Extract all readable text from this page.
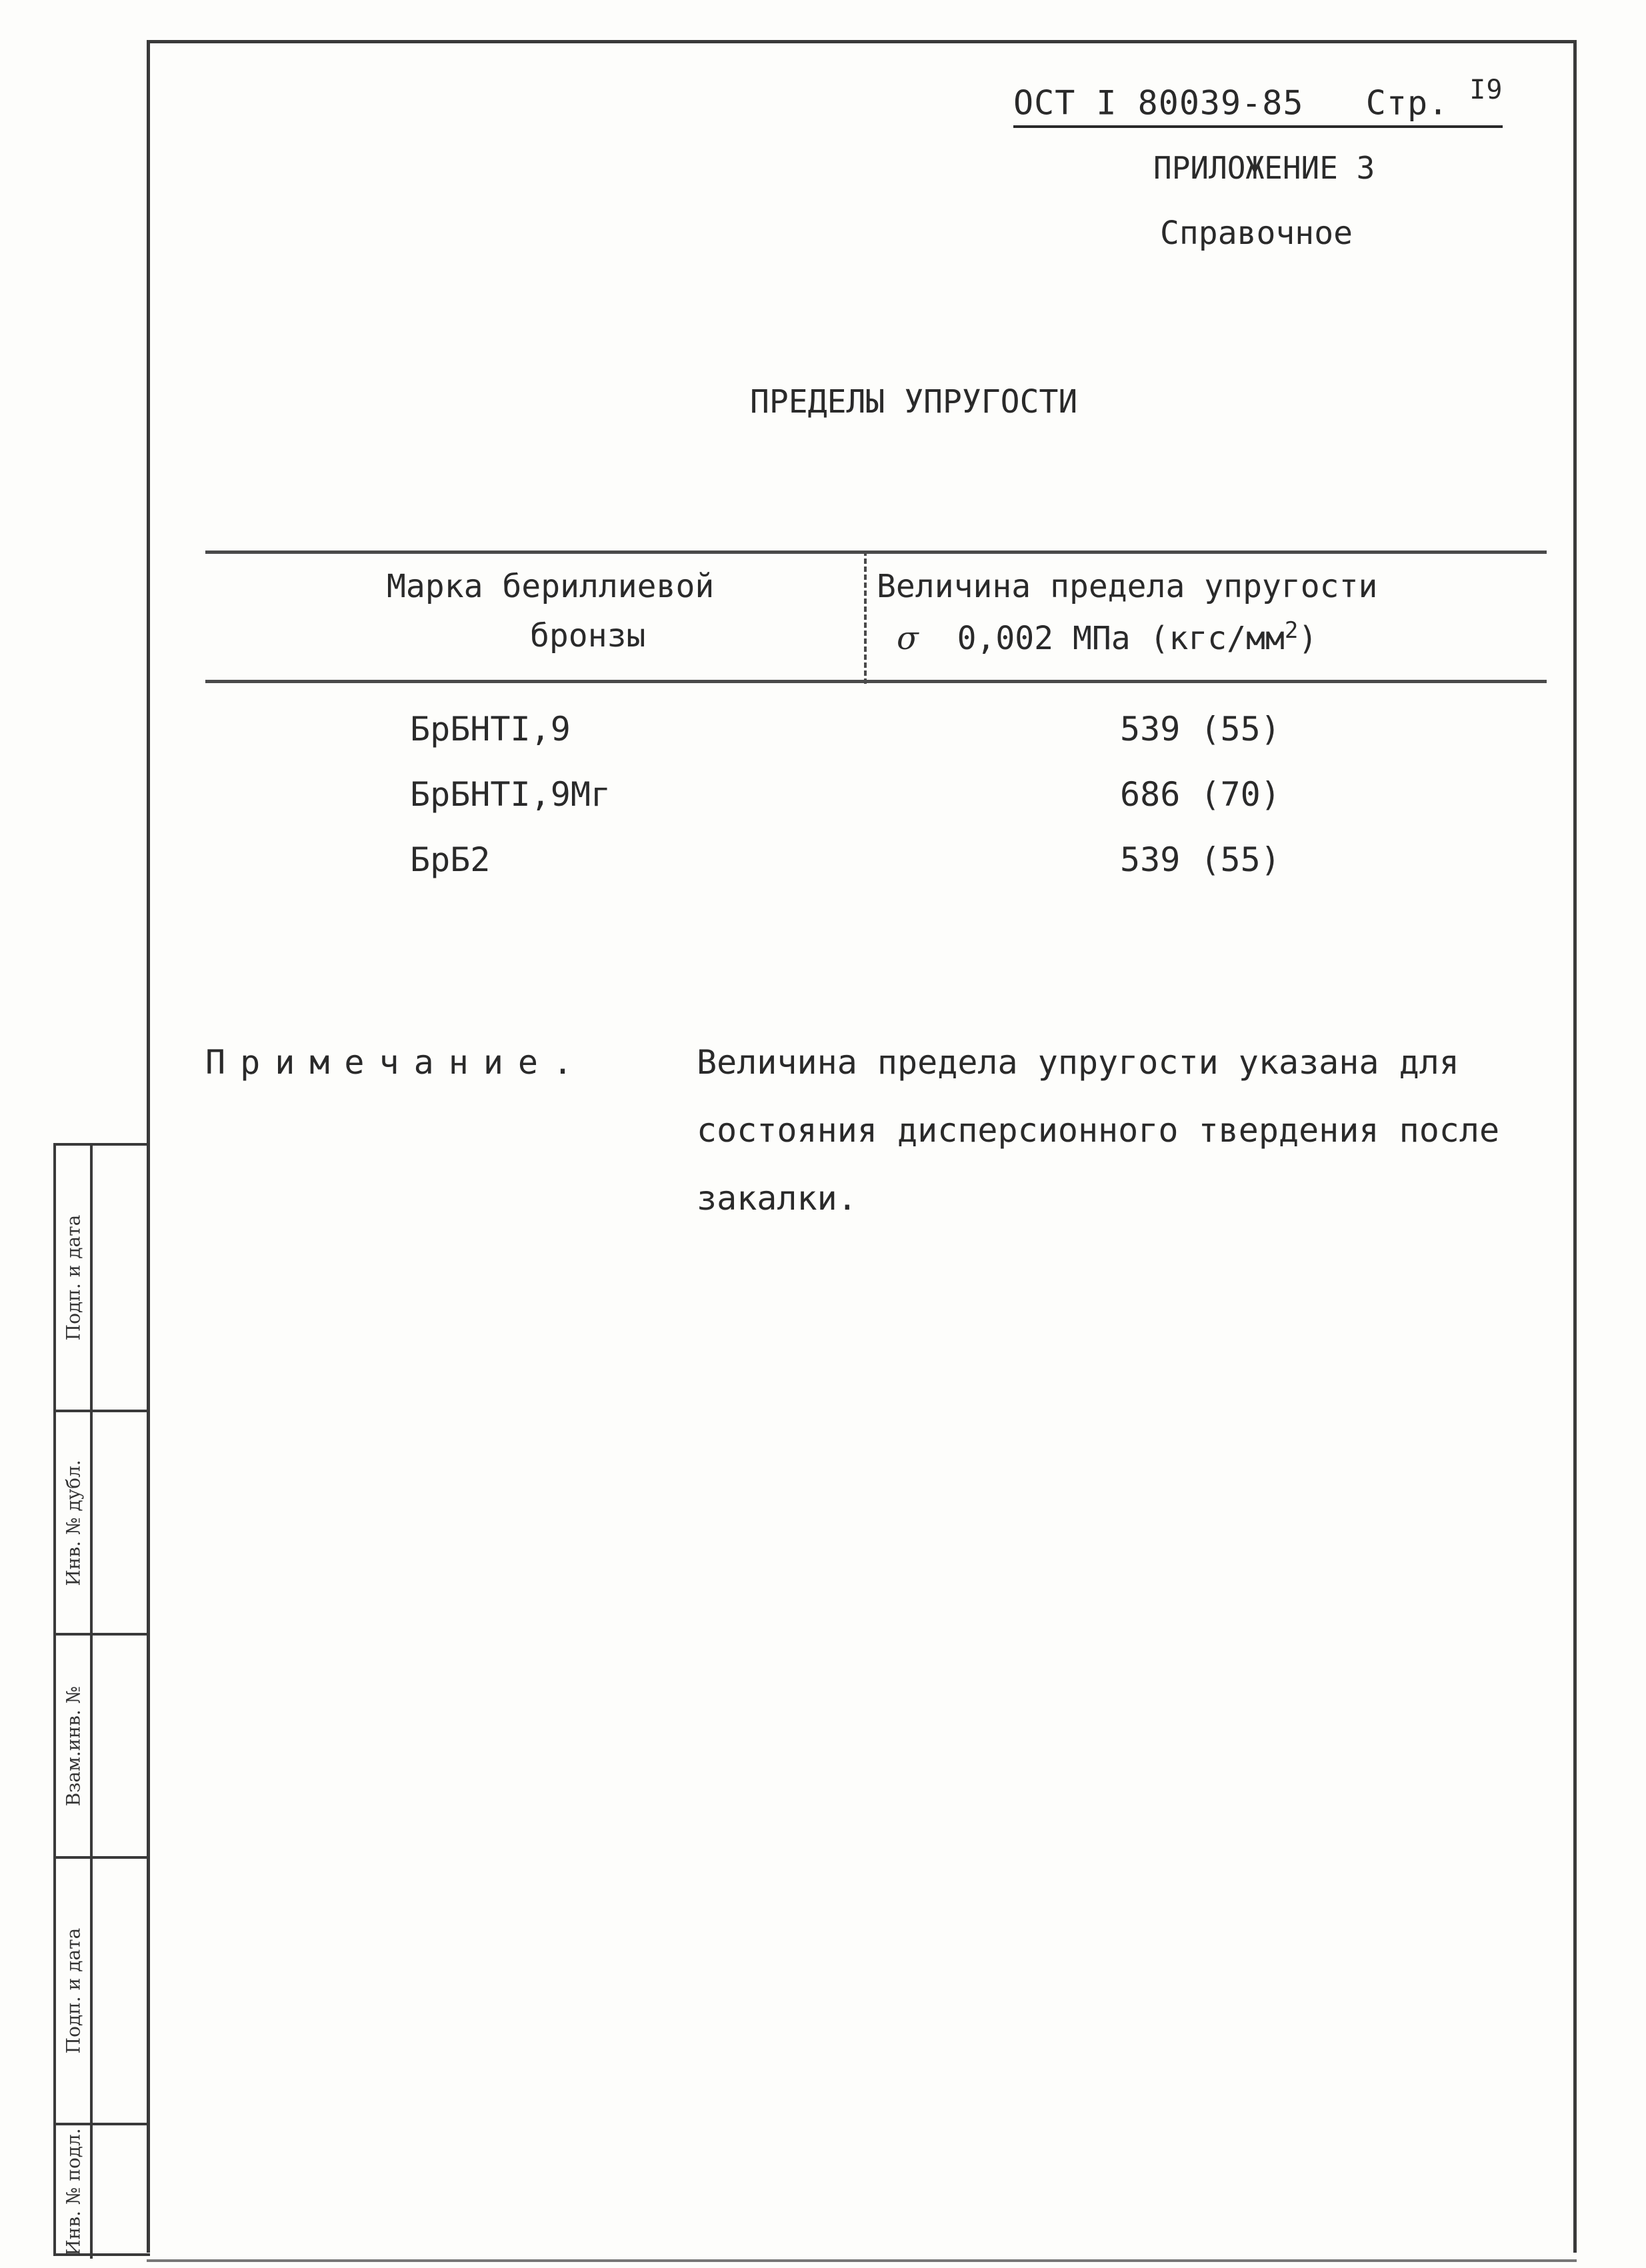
Подп. и дата
Инв. № дубл.
Взам.инв. №
Подп. и дата
Инв. № подл.
ОСТ I 80039-85 Стр. $^{I9}$
ПРИЛОЖЕНИЕ 3
Справочное
ПРЕДЕЛЫ УПРУГОСТИ
Марка бериллиевой
бронзы
Величина предела упругости
σ 0,002 МПа $(кгс/мм^2)$
БрБНТI,9	539 (55)
БрБНТI,9Мг	686 (70)
БрБ2	539 (55)
Примечание.	Величина предела упругости указана для
состояния дисперсионного твердения после
закалки.
